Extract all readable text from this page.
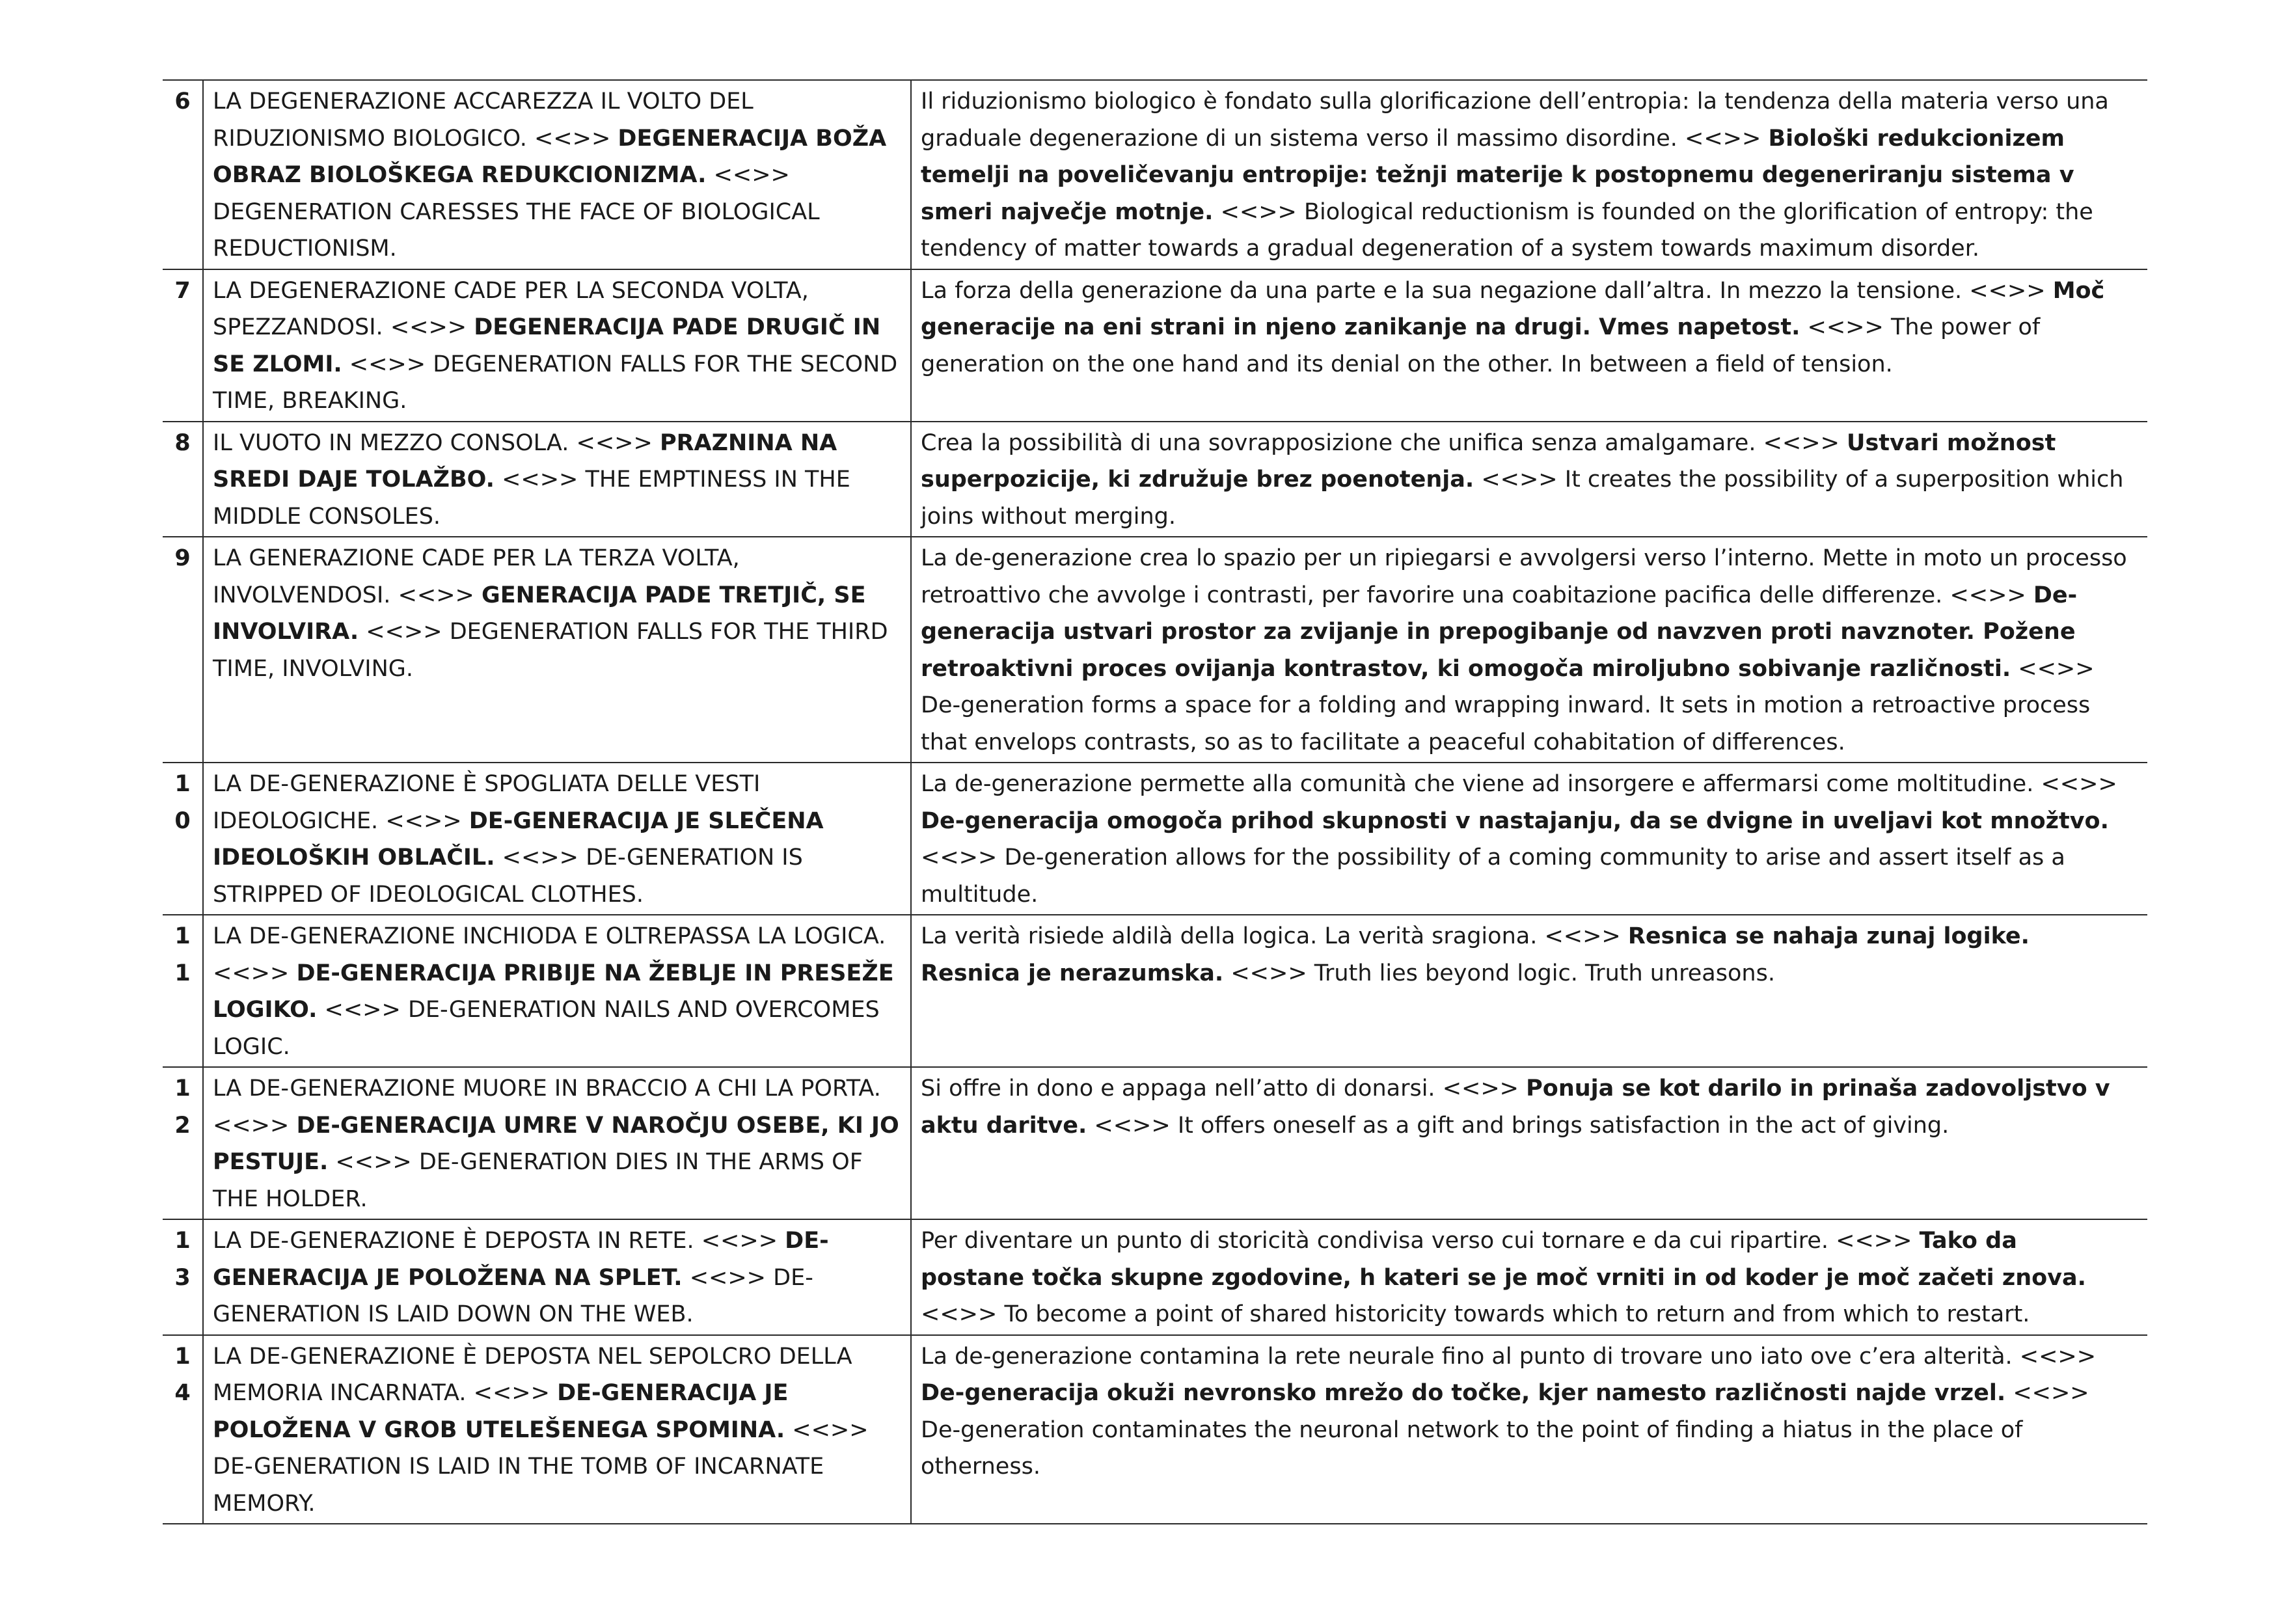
6	LA DEGENERAZIONE ACCAREZZA IL VOLTO DEL RIDUZIONISMO BIOLOGICO. <<>> DEGENERACIJA BOŽA OBRAZ BIOLOŠKEGA REDUKCIONIZMA. <<>> DEGENERATION CARESSES THE FACE OF BIOLOGICAL REDUCTIONISM.	Il riduzionismo biologico è fondato sulla glorificazione dell’entropia: la tendenza della materia verso una graduale degenerazione di un sistema verso il massimo disordine. <<>> Biološki redukcionizem temelji na poveličevanju entropije: težnji materije k postopnemu degeneriranju sistema v smeri največje motnje. <<>> Biological reductionism is founded on the glorification of entropy: the tendency of matter towards a gradual degeneration of a system towards maximum disorder.

7	LA DEGENERAZIONE CADE PER LA SECONDA VOLTA, SPEZZANDOSI. <<>> DEGENERACIJA PADE DRUGIČ IN SE ZLOMI. <<>> DEGENERATION FALLS FOR THE SECOND TIME, BREAKING.	La forza della generazione da una parte e la sua negazione dall’altra. In mezzo la tensione. <<>> Moč generacije na eni strani in njeno zanikanje na drugi. Vmes napetost. <<>> The power of generation on the one hand and its denial on the other. In between a field of tension.

8	IL VUOTO IN MEZZO CONSOLA. <<>> PRAZNINA NA SREDI DAJE TOLAŽBO. <<>> THE EMPTINESS IN THE MIDDLE CONSOLES.	Crea la possibilità di una sovrapposizione che unifica senza amalgamare. <<>> Ustvari možnost superpozicije, ki združuje brez poenotenja. <<>> It creates the possibility of a superposition which joins without merging.

9	LA GENERAZIONE CADE PER LA TERZA VOLTA, INVOLVENDOSI. <<>> GENERACIJA PADE TRETJIČ, SE INVOLVIRA. <<>> DEGENERATION FALLS FOR THE THIRD TIME, INVOLVING.	La de-generazione crea lo spazio per un ripiegarsi e avvolgersi verso l’interno. Mette in moto un processo retroattivo che avvolge i contrasti, per favorire una coabitazione pacifica delle differenze. <<>> De-generacija ustvari prostor za zvijanje in prepogibanje od navzven proti navznoter. Požene retroaktivni proces ovijanja kontrastov, ki omogoča miroljubno sobivanje različnosti. <<>> De-generation forms a space for a folding and wrapping inward. It sets in motion a retroactive process that envelops contrasts, so as to facilitate a peaceful cohabitation of differences.

10	LA DE-GENERAZIONE È SPOGLIATA DELLE VESTI IDEOLOGICHE. <<>> DE-GENERACIJA JE SLEČENA IDEOLOŠKIH OBLAČIL. <<>> DE-GENERATION IS STRIPPED OF IDEOLOGICAL CLOTHES.	La de-generazione permette alla comunità che viene ad insorgere e affermarsi come moltitudine. <<>> De-generacija omogoča prihod skupnosti v nastajanju, da se dvigne in uveljavi kot množtvo. <<>> De-generation allows for the possibility of a coming community to arise and assert itself as a multitude.

11	LA DE-GENERAZIONE INCHIODA E OLTREPASSA LA LOGICA. <<>> DE-GENERACIJA PRIBIJE NA ŽEBLJE IN PRESEŽE LOGIKO. <<>> DE-GENERATION NAILS AND OVERCOMES LOGIC.	La verità risiede aldilà della logica. La verità sragiona. <<>> Resnica se nahaja zunaj logike. Resnica je nerazumska. <<>> Truth lies beyond logic. Truth unreasons.

12	LA DE-GENERAZIONE MUORE IN BRACCIO A CHI LA PORTA. <<>> DE-GENERACIJA UMRE V NAROČJU OSEBE, KI JO PESTUJE. <<>> DE-GENERATION DIES IN THE ARMS OF THE HOLDER.	Si offre in dono e appaga nell’atto di donarsi. <<>> Ponuja se kot darilo in prinaša zadovoljstvo v aktu daritve. <<>> It offers oneself as a gift and brings satisfaction in the act of giving.

13	LA DE-GENERAZIONE È DEPOSTA IN RETE. <<>> DE-GENERACIJA JE POLOŽENA NA SPLET. <<>> DE-GENERATION IS LAID DOWN ON THE WEB.	Per diventare un punto di storicità condivisa verso cui tornare e da cui ripartire. <<>> Tako da postane točka skupne zgodovine, h kateri se je moč vrniti in od koder je moč začeti znova. <<>> To become a point of shared historicity towards which to return and from which to restart.

14	LA DE-GENERAZIONE È DEPOSTA NEL SEPOLCRO DELLA MEMORIA INCARNATA. <<>> DE-GENERACIJA JE POLOŽENA V GROB UTELEŠENEGA SPOMINA. <<>> DE-GENERATION IS LAID IN THE TOMB OF INCARNATE MEMORY.	La de-generazione contamina la rete neurale fino al punto di trovare uno iato ove c’era alterità. <<>> De-generacija okuži nevronsko mrežo do točke, kjer namesto različnosti najde vrzel. <<>> De-generation contaminates the neuronal network to the point of finding a hiatus in the place of otherness.
